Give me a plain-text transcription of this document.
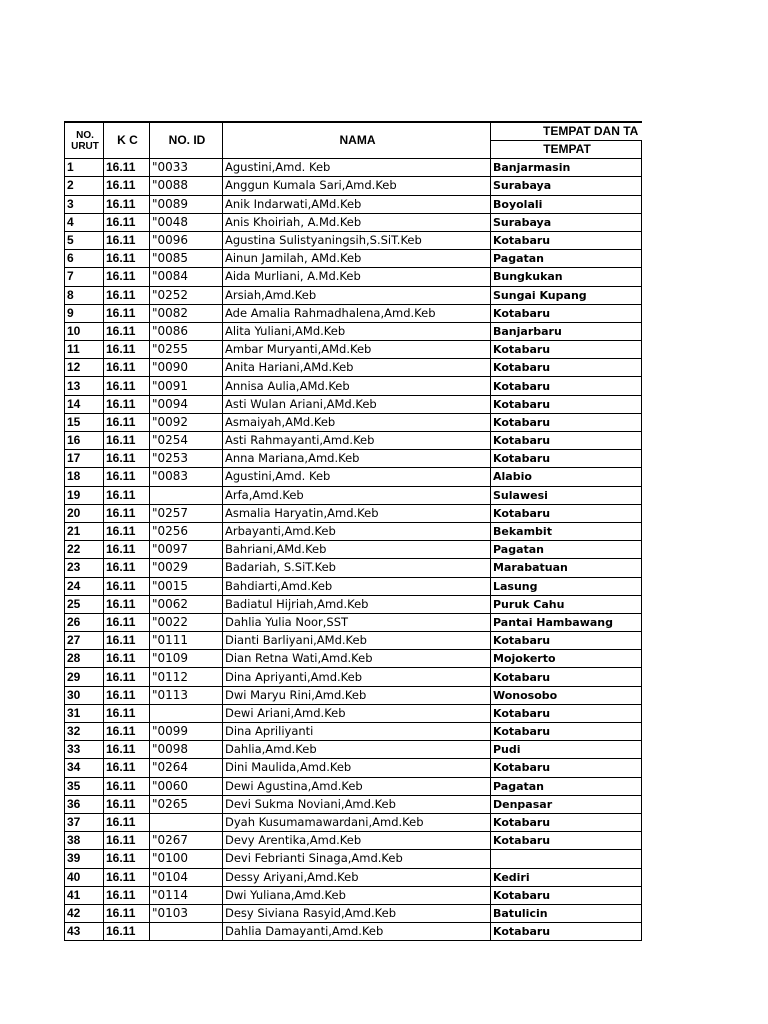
NO. URUT	K C	NO. ID	NAMA	TEMPAT DAN TA
				TEMPAT
1	16.11	"0033	Agustini,Amd. Keb	Banjarmasin
2	16.11	"0088	Anggun Kumala Sari,Amd.Keb	Surabaya
3	16.11	"0089	Anik Indarwati,AMd.Keb	Boyolali
4	16.11	"0048	Anis Khoiriah, A.Md.Keb	Surabaya
5	16.11	"0096	Agustina Sulistyaningsih,S.SiT.Keb	Kotabaru
6	16.11	"0085	Ainun Jamilah, AMd.Keb	Pagatan
7	16.11	"0084	Aida Murliani, A.Md.Keb	Bungkukan
8	16.11	"0252	Arsiah,Amd.Keb	Sungai Kupang
9	16.11	"0082	Ade Amalia Rahmadhalena,Amd.Keb	Kotabaru
10	16.11	"0086	Alita Yuliani,AMd.Keb	Banjarbaru
11	16.11	"0255	Ambar Muryanti,AMd.Keb	Kotabaru
12	16.11	"0090	Anita Hariani,AMd.Keb	Kotabaru
13	16.11	"0091	Annisa Aulia,AMd.Keb	Kotabaru
14	16.11	"0094	Asti Wulan Ariani,AMd.Keb	Kotabaru
15	16.11	"0092	Asmaiyah,AMd.Keb	Kotabaru
16	16.11	"0254	Asti Rahmayanti,Amd.Keb	Kotabaru
17	16.11	"0253	Anna Mariana,Amd.Keb	Kotabaru
18	16.11	"0083	Agustini,Amd. Keb	Alabio
19	16.11		Arfa,Amd.Keb	Sulawesi
20	16.11	"0257	Asmalia Haryatin,Amd.Keb	Kotabaru
21	16.11	"0256	Arbayanti,Amd.Keb	Bekambit
22	16.11	"0097	Bahriani,AMd.Keb	Pagatan
23	16.11	"0029	Badariah, S.SiT.Keb	Marabatuan
24	16.11	"0015	Bahdiarti,Amd.Keb	Lasung
25	16.11	"0062	Badiatul Hijriah,Amd.Keb	Puruk Cahu
26	16.11	"0022	Dahlia Yulia Noor,SST	Pantai Hambawang
27	16.11	"0111	Dianti Barliyani,AMd.Keb	Kotabaru
28	16.11	"0109	Dian Retna Wati,Amd.Keb	Mojokerto
29	16.11	"0112	Dina Apriyanti,Amd.Keb	Kotabaru
30	16.11	"0113	Dwi Maryu Rini,Amd.Keb	Wonosobo
31	16.11		Dewi Ariani,Amd.Keb	Kotabaru
32	16.11	"0099	Dina Apriliyanti	Kotabaru
33	16.11	"0098	Dahlia,Amd.Keb	Pudi
34	16.11	"0264	Dini Maulida,Amd.Keb	Kotabaru
35	16.11	"0060	Dewi Agustina,Amd.Keb	Pagatan
36	16.11	"0265	Devi Sukma Noviani,Amd.Keb	Denpasar
37	16.11		Dyah Kusumamawardani,Amd.Keb	Kotabaru
38	16.11	"0267	Devy Arentika,Amd.Keb	Kotabaru
39	16.11	"0100	Devi Febrianti Sinaga,Amd.Keb	
40	16.11	"0104	Dessy Ariyani,Amd.Keb	Kediri
41	16.11	"0114	Dwi Yuliana,Amd.Keb	Kotabaru
42	16.11	"0103	Desy Siviana Rasyid,Amd.Keb	Batulicin
43	16.11		Dahlia Damayanti,Amd.Keb	Kotabaru
